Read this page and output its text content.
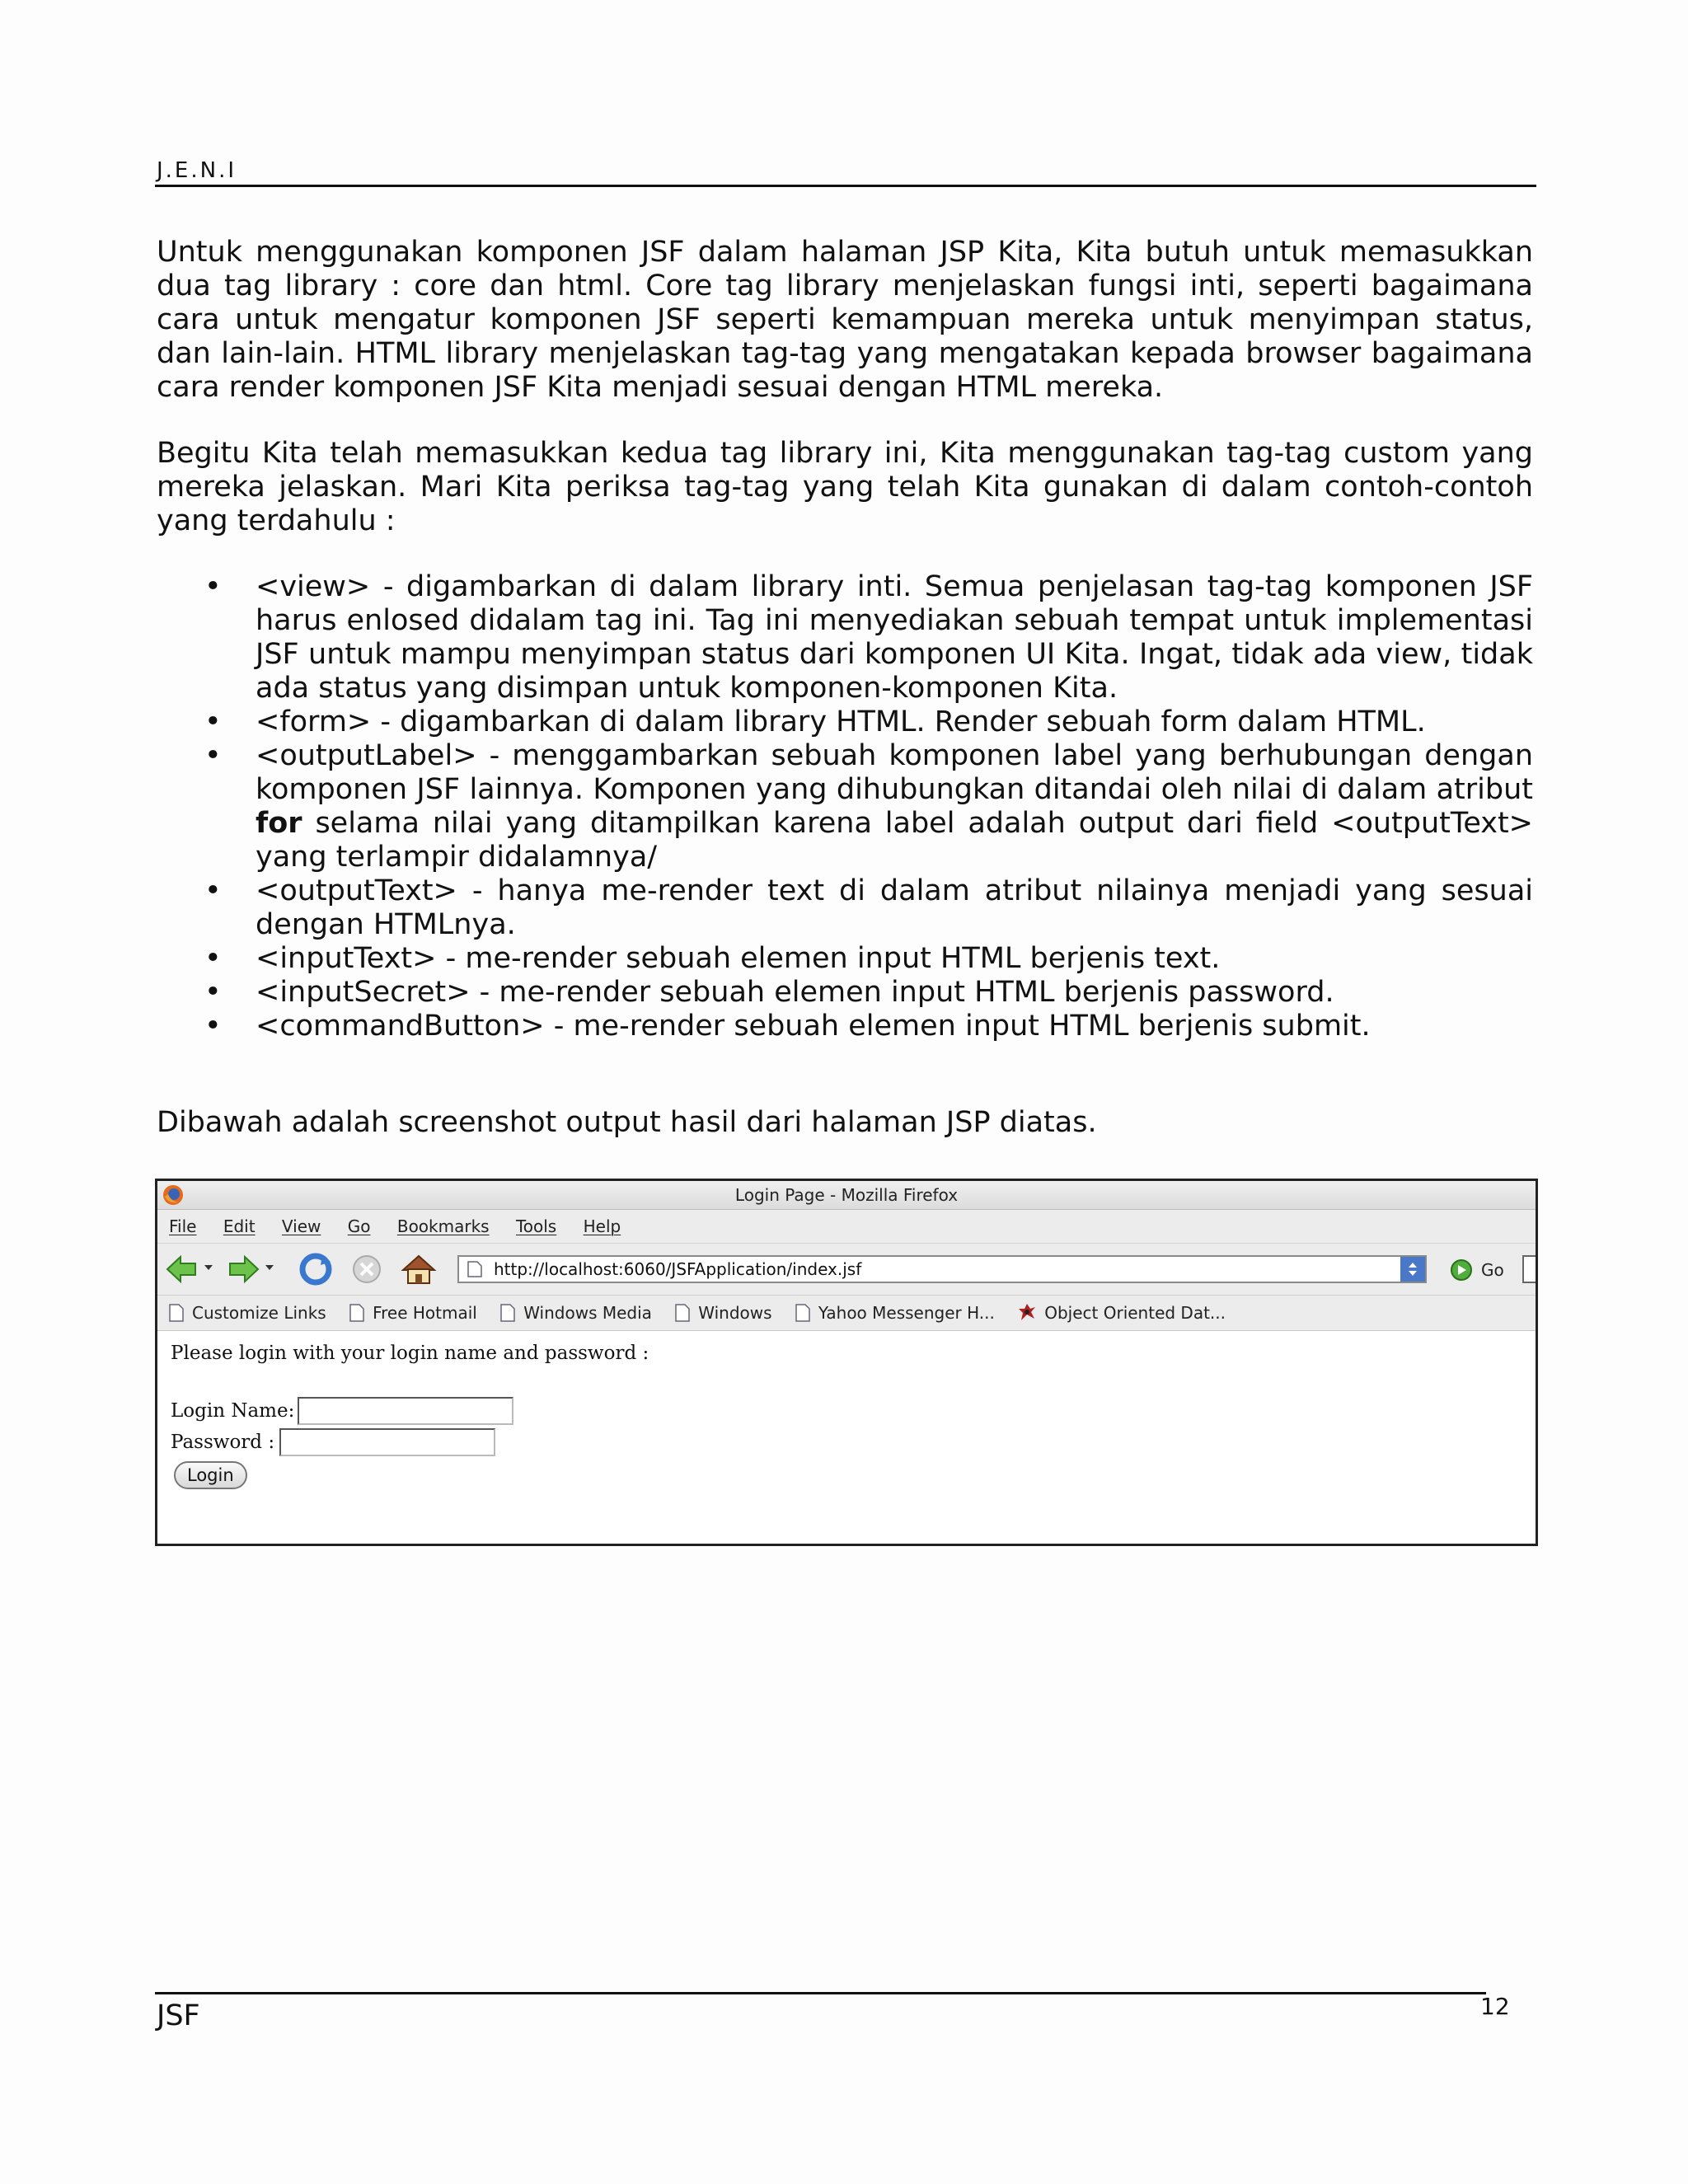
J.E.N.I
Untuk menggunakan komponen JSF dalam halaman JSP Kita, Kita butuh untuk memasukkan dua tag library : core dan html. Core tag library menjelaskan fungsi inti, seperti bagaimana cara untuk mengatur komponen JSF seperti kemampuan mereka untuk menyimpan status, dan lain-lain. HTML library menjelaskan tag-tag yang mengatakan kepada browser bagaimana cara render komponen JSF Kita menjadi sesuai dengan HTML mereka.
Begitu Kita telah memasukkan kedua tag library ini, Kita menggunakan tag-tag custom yang mereka jelaskan. Mari Kita periksa tag-tag yang telah Kita gunakan di dalam contoh-contoh yang terdahulu :
• <view> - digambarkan di dalam library inti. Semua penjelasan tag-tag komponen JSF harus enlosed didalam tag ini. Tag ini menyediakan sebuah tempat untuk implementasi JSF untuk mampu menyimpan status dari komponen UI Kita. Ingat, tidak ada view, tidak ada status yang disimpan untuk komponen-komponen Kita.
• <form> - digambarkan di dalam library HTML. Render sebuah form dalam HTML.
• <outputLabel> - menggambarkan sebuah komponen label yang berhubungan dengan komponen JSF lainnya. Komponen yang dihubungkan ditandai oleh nilai di dalam atribut for selama nilai yang ditampilkan karena label adalah output dari field <outputText> yang terlampir didalamnya/
• <outputText> - hanya me-render text di dalam atribut nilainya menjadi yang sesuai dengan HTMLnya.
• <inputText> - me-render sebuah elemen input HTML berjenis text.
• <inputSecret> - me-render sebuah elemen input HTML berjenis password.
• <commandButton> - me-render sebuah elemen input HTML berjenis submit.
Dibawah adalah screenshot output hasil dari halaman JSP diatas.
Login Page - Mozilla Firefox
File Edit View Go Bookmarks Tools Help
http://localhost:6060/JSFApplication/index.jsf	Go
Customize Links	Free Hotmail	Windows Media	Windows	Yahoo Messenger H...	Object Oriented Dat...
Please login with your login name and password :
Login Name:
Password :
Login
JSF	12
